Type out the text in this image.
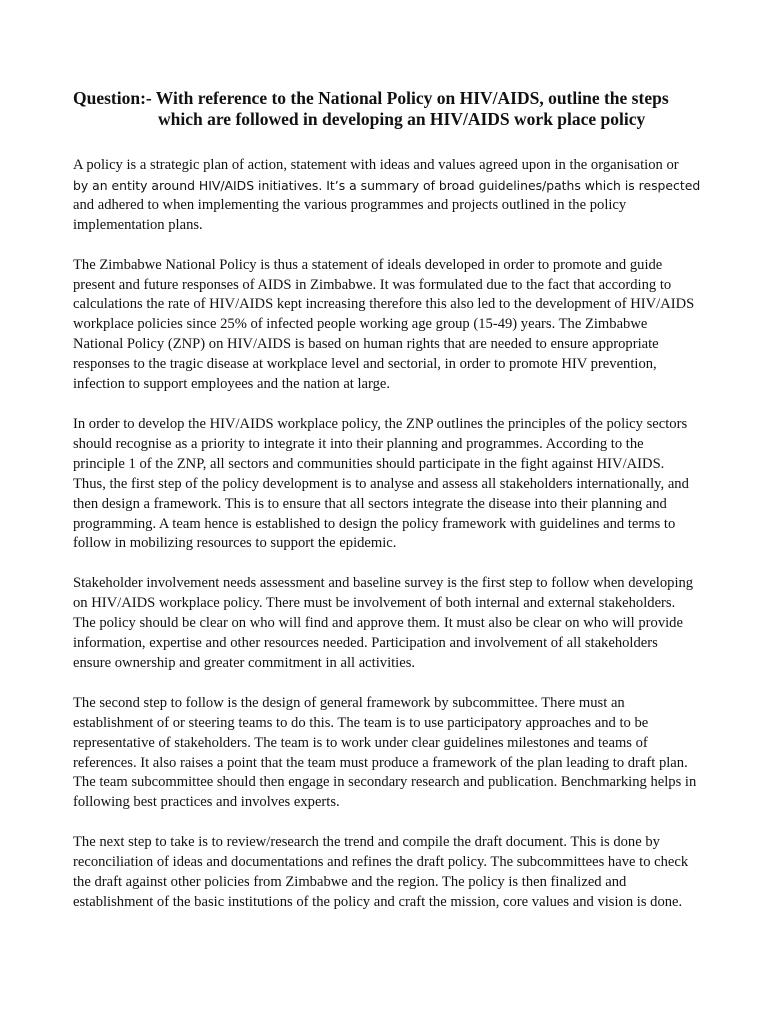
Question:- With reference to the National Policy on HIV/AIDS, outline the steps
which are followed in developing an HIV/AIDS work place policy

A policy is a strategic plan of action, statement with ideas and values agreed upon in the organisation or
by an entity around HIV/AIDS initiatives. It’s a summary of broad guidelines/paths which is respected
and adhered to when implementing the various programmes and projects outlined in the policy
implementation plans.

The Zimbabwe National Policy is thus a statement of ideals developed in order to promote and guide
present and future responses of AIDS in Zimbabwe. It was formulated due to the fact that according to
calculations the rate of HIV/AIDS kept increasing therefore this also led to the development of HIV/AIDS
workplace policies since 25% of infected people working age group (15-49) years. The Zimbabwe
National Policy (ZNP) on HIV/AIDS is based on human rights that are needed to ensure appropriate
responses to the tragic disease at workplace level and sectorial, in order to promote HIV prevention,
infection to support employees and the nation at large.

In order to develop the HIV/AIDS workplace policy, the ZNP outlines the principles of the policy sectors
should recognise as a priority to integrate it into their planning and programmes. According to the
principle 1 of the ZNP, all sectors and communities should participate in the fight against HIV/AIDS.
Thus, the first step of the policy development is to analyse and assess all stakeholders internationally, and
then design a framework. This is to ensure that all sectors integrate the disease into their planning and
programming. A team hence is established to design the policy framework with guidelines and terms to
follow in mobilizing resources to support the epidemic.

Stakeholder involvement needs assessment and baseline survey is the first step to follow when developing
on HIV/AIDS workplace policy. There must be involvement of both internal and external stakeholders.
The policy should be clear on who will find and approve them. It must also be clear on who will provide
information, expertise and other resources needed. Participation and involvement of all stakeholders
ensure ownership and greater commitment in all activities.

The second step to follow is the design of general framework by subcommittee. There must an
establishment of or steering teams to do this. The team is to use participatory approaches and to be
representative of stakeholders. The team is to work under clear guidelines milestones and teams of
references. It also raises a point that the team must produce a framework of the plan leading to draft plan.
The team subcommittee should then engage in secondary research and publication. Benchmarking helps in
following best practices and involves experts.

The next step to take is to review/research the trend and compile the draft document. This is done by
reconciliation of ideas and documentations and refines the draft policy. The subcommittees have to check
the draft against other policies from Zimbabwe and the region. The policy is then finalized and
establishment of the basic institutions of the policy and craft the mission, core values and vision is done.
